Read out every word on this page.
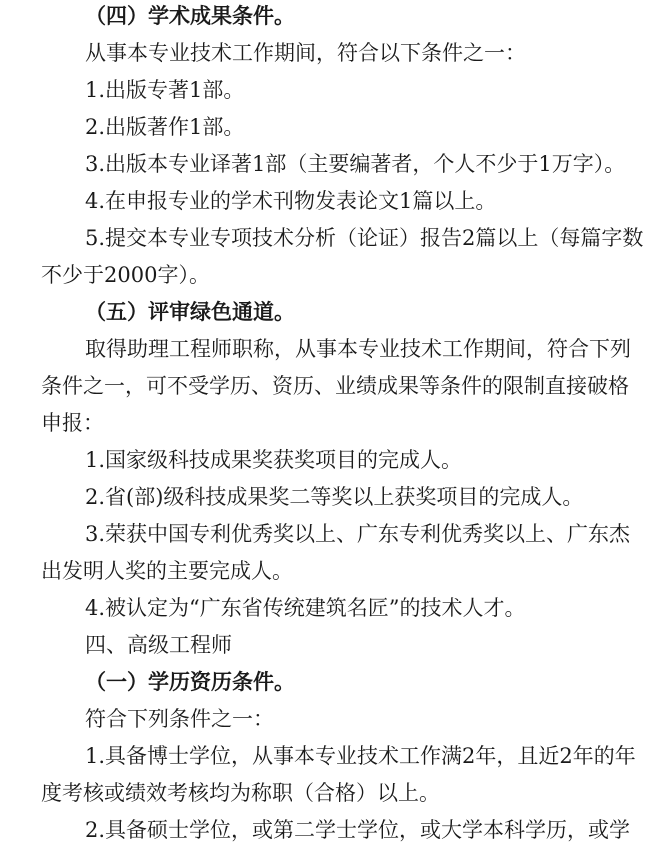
（四）学术成果条件。
从事本专业技术工作期间，符合以下条件之一：
1.出版专著1部。
2.出版著作1部。
3.出版本专业译著1部（主要编著者，个人不少于1万字）。
4.在申报专业的学术刊物发表论文1篇以上。
5.提交本专业专项技术分析（论证）报告2篇以上（每篇字数
不少于2000字）。
（五）评审绿色通道。
取得助理工程师职称，从事本专业技术工作期间，符合下列
条件之一，可不受学历、资历、业绩成果等条件的限制直接破格
申报：
1.国家级科技成果奖获奖项目的完成人。
2.省(部)级科技成果奖二等奖以上获奖项目的完成人。
3.荣获中国专利优秀奖以上、广东专利优秀奖以上、广东杰
出发明人奖的主要完成人。
4.被认定为“广东省传统建筑名匠”的技术人才。
四、高级工程师
（一）学历资历条件。
符合下列条件之一：
1.具备博士学位，从事本专业技术工作满2年，且近2年的年
度考核或绩效考核均为称职（合格）以上。
2.具备硕士学位，或第二学士学位，或大学本科学历，或学
